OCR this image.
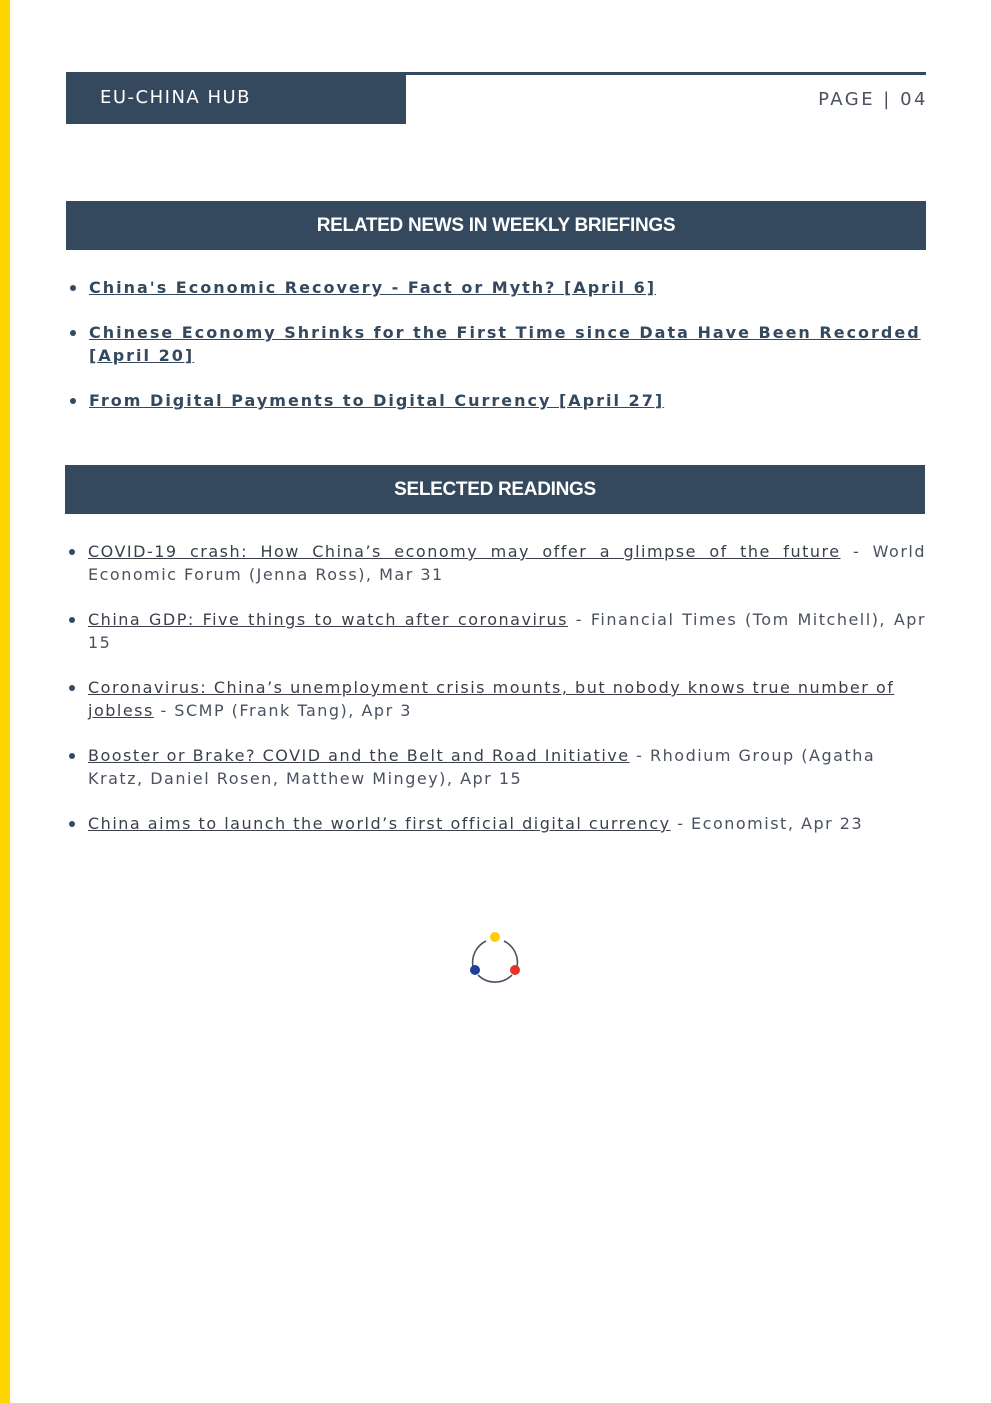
EU-CHINA HUB	PAGE | 04
RELATED NEWS IN WEEKLY BRIEFINGS
China's Economic Recovery - Fact or Myth? [April 6]
Chinese Economy Shrinks for the First Time since Data Have Been Recorded [April 20]
From Digital Payments to Digital Currency [April 27]
SELECTED READINGS
COVID-19 crash: How China’s economy may offer a glimpse of the future - World Economic Forum (Jenna Ross), Mar 31
China GDP: Five things to watch after coronavirus - Financial Times (Tom Mitchell), Apr 15
Coronavirus: China’s unemployment crisis mounts, but nobody knows true number of jobless - SCMP (Frank Tang), Apr 3
Booster or Brake? COVID and the Belt and Road Initiative - Rhodium Group (Agatha Kratz, Daniel Rosen, Matthew Mingey), Apr 15
China aims to launch the world’s first official digital currency - Economist, Apr 23
